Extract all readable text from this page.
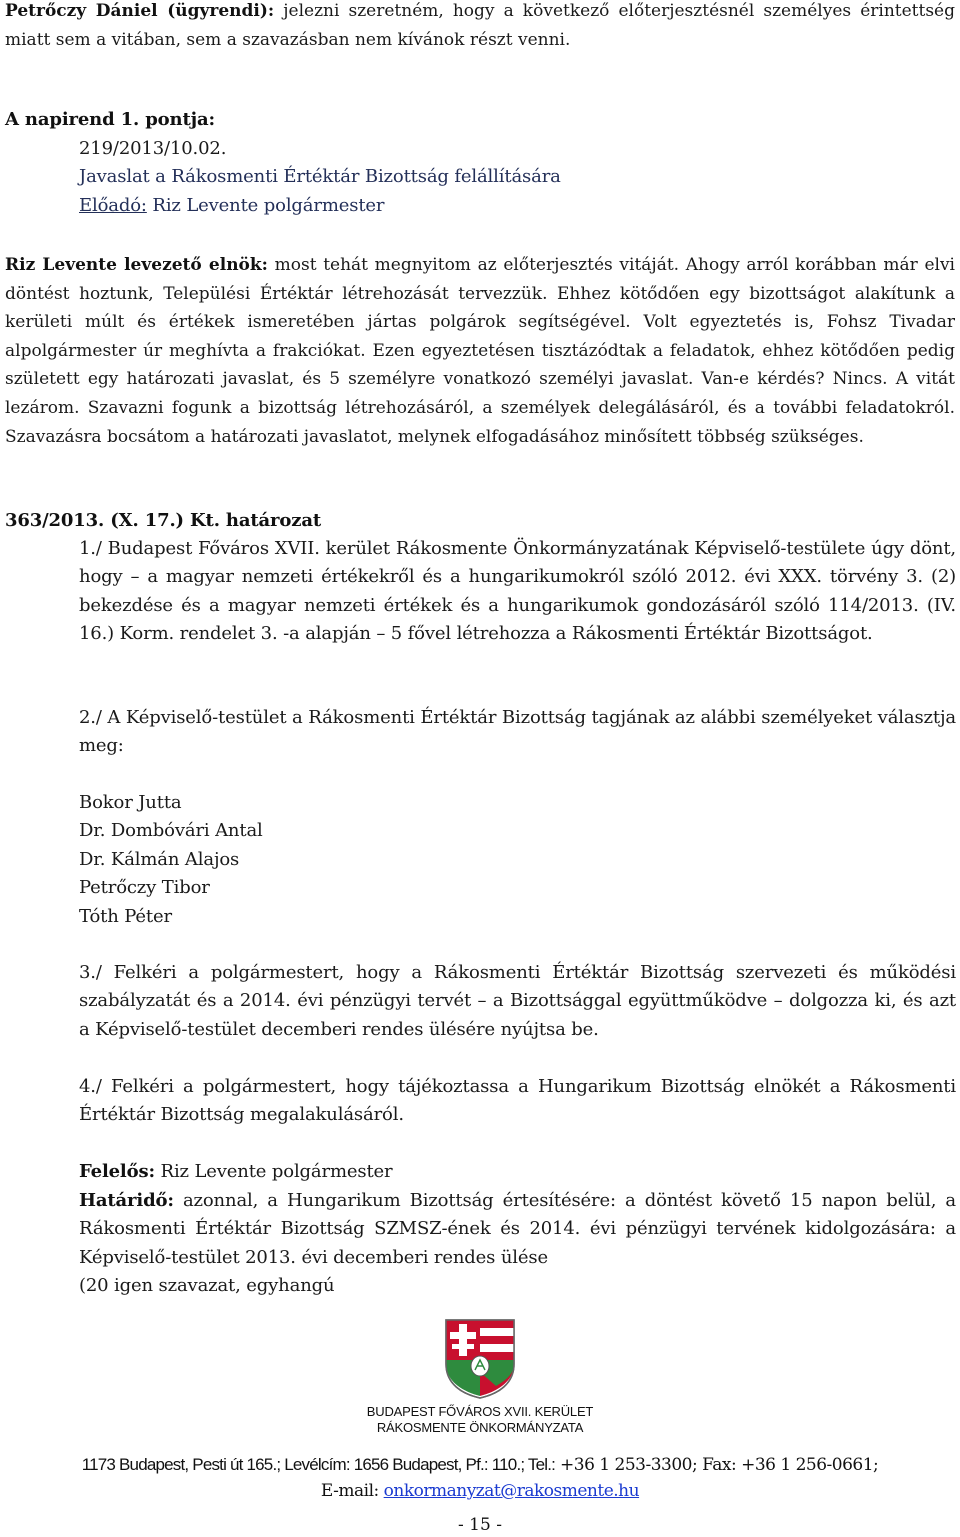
Petrőczy Dániel (ügyrendi): jelezni szeretném, hogy a következő előterjesztésnél személyes érintettség miatt sem a vitában, sem a szavazásban nem kívánok részt venni.

A napirend 1. pontja:
219/2013/10.02.
Javaslat a Rákosmenti Értéktár Bizottság felállítására
Előadó: Riz Levente polgármester

Riz Levente levezető elnök: most tehát megnyitom az előterjesztés vitáját. Ahogy arról korábban már elvi döntést hoztunk, Települési Értéktár létrehozását tervezzük. Ehhez kötődően egy bizottságot alakítunk a kerületi múlt és értékek ismeretében jártas polgárok segítségével. Volt egyeztetés is, Fohsz Tivadar alpolgármester úr meghívta a frakciókat. Ezen egyeztetésen tisztázódtak a feladatok, ehhez kötődően pedig született egy határozati javaslat, és 5 személyre vonatkozó személyi javaslat. Van-e kérdés? Nincs. A vitát lezárom. Szavazni fogunk a bizottság létrehozásáról, a személyek delegálásáról, és a további feladatokról. Szavazásra bocsátom a határozati javaslatot, melynek elfogadásához minősített többség szükséges.

363/2013. (X. 17.) Kt. határozat

1./ Budapest Főváros XVII. kerület Rákosmente Önkormányzatának Képviselő-testülete úgy dönt, hogy – a magyar nemzeti értékekről és a hungarikumokról szóló 2012. évi XXX. törvény 3. (2) bekezdése és a magyar nemzeti értékek és a hungarikumok gondozásáról szóló 114/2013. (IV. 16.) Korm. rendelet 3. -a alapján – 5 fővel létrehozza a Rákosmenti Értéktár Bizottságot.

2./ A Képviselő-testület a Rákosmenti Értéktár Bizottság tagjának az alábbi személyeket választja meg:

Bokor Jutta
Dr. Dombóvári Antal
Dr. Kálmán Alajos
Petrőczy Tibor
Tóth Péter

3./ Felkéri a polgármestert, hogy a Rákosmenti Értéktár Bizottság szervezeti és működési szabályzatát és a 2014. évi pénzügyi tervét – a Bizottsággal együttműködve – dolgozza ki, és azt a Képviselő-testület decemberi rendes ülésére nyújtsa be.

4./ Felkéri a polgármestert, hogy tájékoztassa a Hungarikum Bizottság elnökét a Rákosmenti Értéktár Bizottság megalakulásáról.

Felelős: Riz Levente polgármester

Határidő: azonnal, a Hungarikum Bizottság értesítésére: a döntést követő 15 napon belül, a Rákosmenti Értéktár Bizottság SZMSZ-ének és 2014. évi pénzügyi tervének kidolgozására: a Képviselő-testület 2013. évi decemberi rendes ülése

(20 igen szavazat, egyhangú

BUDAPEST FŐVÁROS XVII. KERÜLET
RÁKOSMENTE ÖNKORMÁNYZATA
1173 Budapest, Pesti út 165.; Levélcím: 1656 Budapest, Pf.: 110.; Tel.: +36 1 253-3300; Fax: +36 1 256-0661;
E-mail: onkormanyzat@rakosmente.hu
- 15 -
